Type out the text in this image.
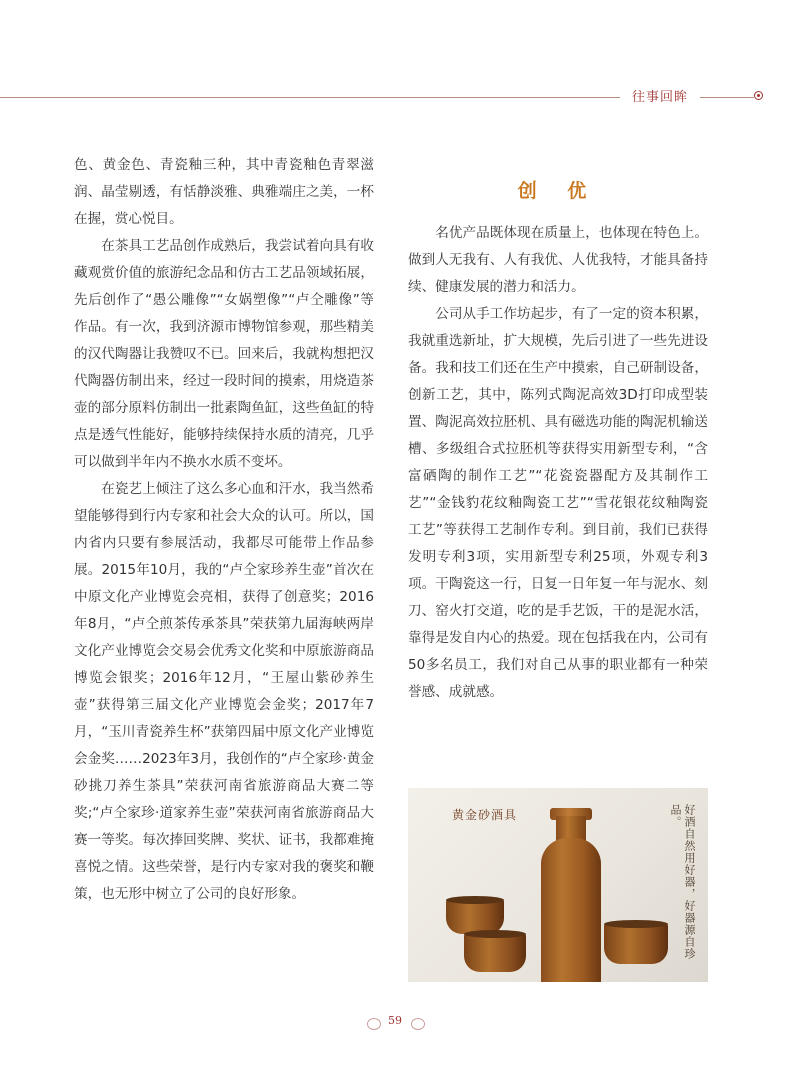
往事回眸

色、黄金色、青瓷釉三种，其中青瓷釉色青翠滋润、晶莹剔透，有恬静淡雅、典雅端庄之美，一杯在握，赏心悦目。

在茶具工艺品创作成熟后，我尝试着向具有收藏观赏价值的旅游纪念品和仿古工艺品领域拓展，先后创作了“愚公雕像”“女娲塑像”“卢仝雕像”等作品。有一次，我到济源市博物馆参观，那些精美的汉代陶器让我赞叹不已。回来后，我就构想把汉代陶器仿制出来，经过一段时间的摸索，用烧造茶壶的部分原料仿制出一批素陶鱼缸，这些鱼缸的特点是透气性能好，能够持续保持水质的清亮，几乎可以做到半年内不换水水质不变坏。

在瓷艺上倾注了这么多心血和汗水，我当然希望能够得到行内专家和社会大众的认可。所以，国内省内只要有参展活动，我都尽可能带上作品参展。2015年10月，我的“卢仝家珍养生壶”首次在中原文化产业博览会亮相，获得了创意奖；2016年8月，“卢仝煎茶传承茶具”荣获第九届海峡两岸文化产业博览会交易会优秀文化奖和中原旅游商品博览会银奖；2016年12月，“王屋山紫砂养生壶”获得第三届文化产业博览会金奖；2017年7月，“玉川青瓷养生杯”获第四届中原文化产业博览会金奖……2023年3月，我创作的“卢仝家珍·黄金砂挑刀养生茶具”荣获河南省旅游商品大赛二等奖;“卢仝家珍·道家养生壶”荣获河南省旅游商品大赛一等奖。每次捧回奖牌、奖状、证书，我都难掩喜悦之情。这些荣誉，是行内专家对我的褒奖和鞭策，也无形中树立了公司的良好形象。

创 优

名优产品既体现在质量上，也体现在特色上。做到人无我有、人有我优、人优我特，才能具备持续、健康发展的潜力和活力。

公司从手工作坊起步，有了一定的资本积累，我就重选新址，扩大规模，先后引进了一些先进设备。我和技工们还在生产中摸索，自己研制设备，创新工艺，其中，陈列式陶泥高效3D打印成型装置、陶泥高效拉胚机、具有磁选功能的陶泥机输送槽、多级组合式拉胚机等获得实用新型专利，“含富硒陶的制作工艺”“花瓷瓷器配方及其制作工艺”“金钱豹花纹釉陶瓷工艺”“雪花银花纹釉陶瓷工艺”等获得工艺制作专利。到目前，我们已获得发明专利3项，实用新型专利25项，外观专利3项。干陶瓷这一行，日复一日年复一年与泥水、刻刀、窑火打交道，吃的是手艺饭，干的是泥水活，靠得是发自内心的热爱。现在包括我在内，公司有50多名员工，我们对自己从事的职业都有一种荣誉感、成就感。

黄金砂酒具	好酒自然用好器，好器源自珍品。
59
